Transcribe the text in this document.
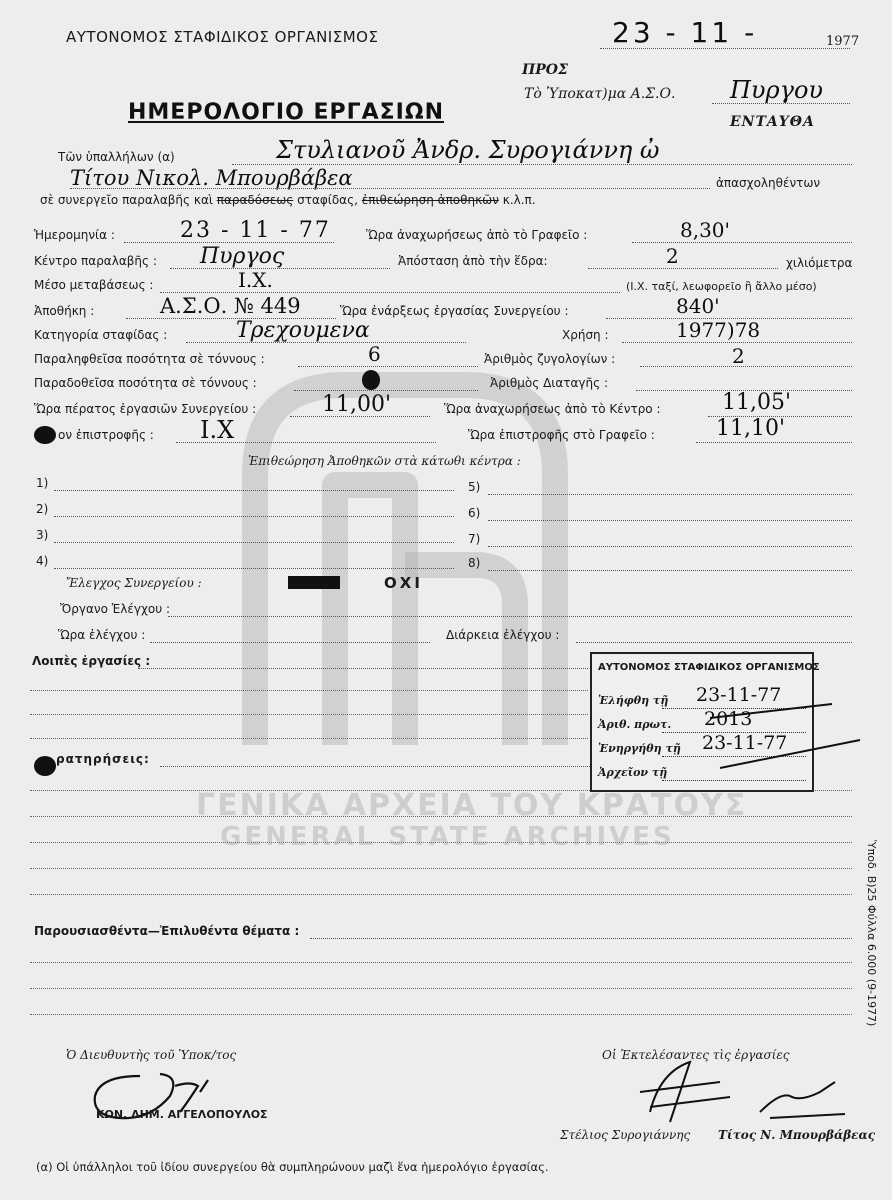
ΑΥΤΟΝΟΜΟΣ ΣΤΑΦΙΔΙΚΟΣ ΟΡΓΑΝΙΣΜΟΣ	23 - 11 -	1977
ΠΡΟΣ
Τὸ Ὑποκατ)μα Α.Σ.Ο. Πυργου
ΕΝΤΑΥΘΑ
ΗΜΕΡΟΛΟΓΙΟ ΕΡΓΑΣΙΩΝ
Τῶν ὑπαλλήλων (α)	Στυλιανοῦ Ἀνδρ. Συρογιάννη ὠ
Τίτου Νικολ. Μπουρβάβεα	ἀπασχοληθέντων
σὲ συνεργεῖο παραλαβῆς καὶ παραδόσεως σταφίδας, ἐπιθεώρηση ἀποθηκῶν κ.λ.π.
Ἡμερομηνία :	23 - 11 - 77	Ὥρα ἀναχωρήσεως ἀπὸ τὸ Γραφεῖο :	8,30'
Κέντρο παραλαβῆς : Πυργος	Ἀπόσταση ἀπὸ τὴν ἕδρα:	2	χιλιόμετρα
Μέσο μεταβάσεως :	Ι.Χ.	(Ι.Χ. ταξί, λεωφορεῖο ἢ ἄλλο μέσο)
Ἀποθήκη :	Α.Σ.Ο. № 449	Ὥρα ἐνάρξεως ἐργασίας Συνεργείου :	840'
Κατηγορία σταφίδας :	Τρεχουμενα	Χρήση :	1977)78
Παραληφθεῖσα ποσότητα σὲ τόννους :	6	Ἀριθμὸς ζυγολογίων :	2
Παραδοθεῖσα ποσότητα σὲ τόννους :	Ἀριθμὸς Διαταγῆς :
Ὥρα πέρατος ἐργασιῶν Συνεργείου :	11,00'	Ὥρα ἀναχωρήσεως ἀπὸ τὸ Κέντρο :	11,05'
ον ἐπιστροφῆς : Ι.Χ	Ὥρα ἐπιστροφῆς στὸ Γραφεῖο :	11,10'
Ἐπιθεώρηση Ἀποθηκῶν στὰ κάτωθι κέντρα :
1)
2)
3)
4)
5)
6)
7)
8)
Ἔλεγχος Συνεργείου :	ΟΧΙ
Ὄργανο Ἐλέγχου :
Ὥρα ἐλέγχου :	Διάρκεια ἐλέγχου :
Λοιπὲς ἐργασίες :
ρατηρήσεις:
Παρουσιασθέντα—Ἐπιλυθέντα θέματα :
ΓΕΝΙΚΑ ΑΡΧΕΙΑ ΤΟΥ ΚΡΑΤΟΥΣ
GENERAL STATE ARCHIVES
ΑΥΤΟΝΟΜΟΣ ΣΤΑΦΙΔΙΚΟΣ ΟΡΓΑΝΙΣΜΟΣ
Ἐλήφθη τῇ 23-11-77
Ἀριθ. πρωτ. 2013
Ἐνηργήθη τῇ 23-11-77
Ἀρχεῖον τῇ
Ὑποδ. Β)25 Φύλλα 6.000 (9-1977)
Ὁ Διευθυντὴς τοῦ Ὑποκ/τος
ΚΩΝ. ΔΗΜ. ΑΓΓΕΛΟΠΟΥΛΟΣ
Οἱ Ἐκτελέσαντες τὶς ἐργασίες
Στέλιος Συρογιάννης Τίτος Ν. Μπουρβάβεας
(α) Οἱ ὑπάλληλοι τοῦ ἰδίου συνεργείου θὰ συμπληρώνουν μαζὶ ἕνα ἡμερολόγιο ἐργασίας.
